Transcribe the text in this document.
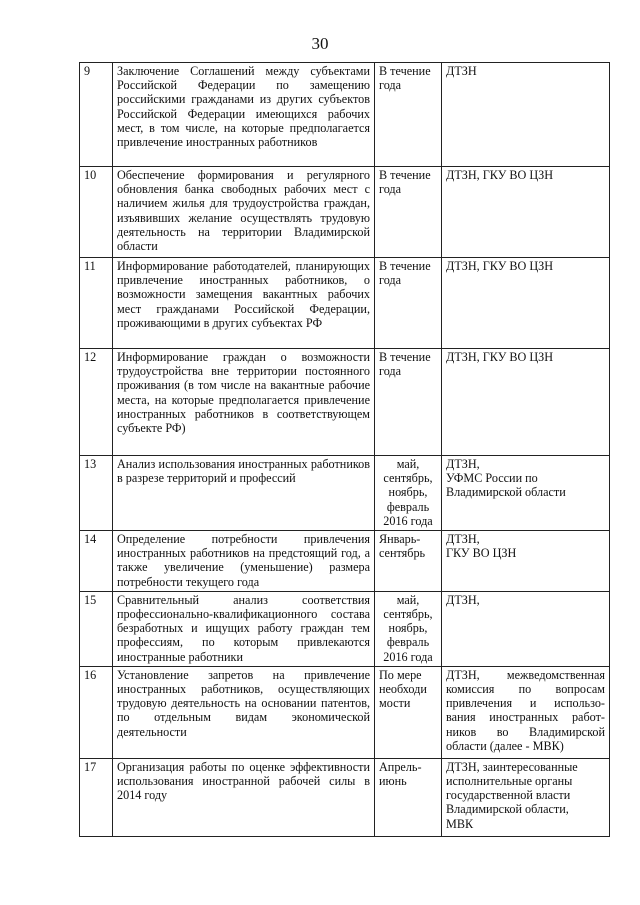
30
9	Заключение Соглашений между субъектами Российской Федерации по замещению российскими гражданами из других субъектов Российской Федерации имеющихся рабочих мест, в том числе, на которые предполагается привлечение иностранных работников	В течение
года	ДТЗН

10	Обеспечение формирования и регулярного обновления банка свободных рабочих мест с наличием жилья для трудоустройства граждан, изъявивших желание осуществлять трудовую деятельность на территории Владимирской области	В течение
года	ДТЗН, ГКУ ВО ЦЗН

11	Информирование работодателей, планирующих привлечение иностранных работников, о возможности замещения вакантных рабочих мест гражданами Российской Федерации, проживающими в других субъектах РФ	В течение
года	ДТЗН, ГКУ ВО ЦЗН

12	Информирование граждан о возможности трудоустройства вне территории постоянного проживания (в том числе на вакантные рабочие места, на которые предполагается привлечение иностранных работников в соответствующем субъекте РФ)	В течение
года	ДТЗН, ГКУ ВО ЦЗН

13	Анализ использования иностранных работников в разрезе территорий и профессий	май,
сентябрь,
ноябрь,
февраль
2016 года	ДТЗН,
УФМС России по
Владимирской области

14	Определение потребности привлечения иностранных работников на предстоящий год, а также увеличение (уменьшение) размера потребности текущего года	Январь-
сентябрь	ДТЗН,
ГКУ ВО ЦЗН

15	Сравнительный анализ соответствия профессионально-квалификационного состава безработных и ищущих работу граждан тем профессиям, по которым привлекаются иностранные работники	май,
сентябрь,
ноябрь,
февраль
2016 года	ДТЗН,

16	Установление запретов на привлечение иностранных работников, осуществляющих трудовую деятельность на основании патентов, по отдельным видам экономической деятельности	По мере
необходи
мости	ДТЗН, межведомственная комиссия по вопросам привлечения и использо-вания иностранных работ-ников во Владимирской области (далее - МВК)

17	Организация работы по оценке эффективности использования иностранной рабочей силы в 2014 году	Апрель-
июнь	ДТЗН, заинтересованные
исполнительные органы
государственной власти
Владимирской области,
МВК
